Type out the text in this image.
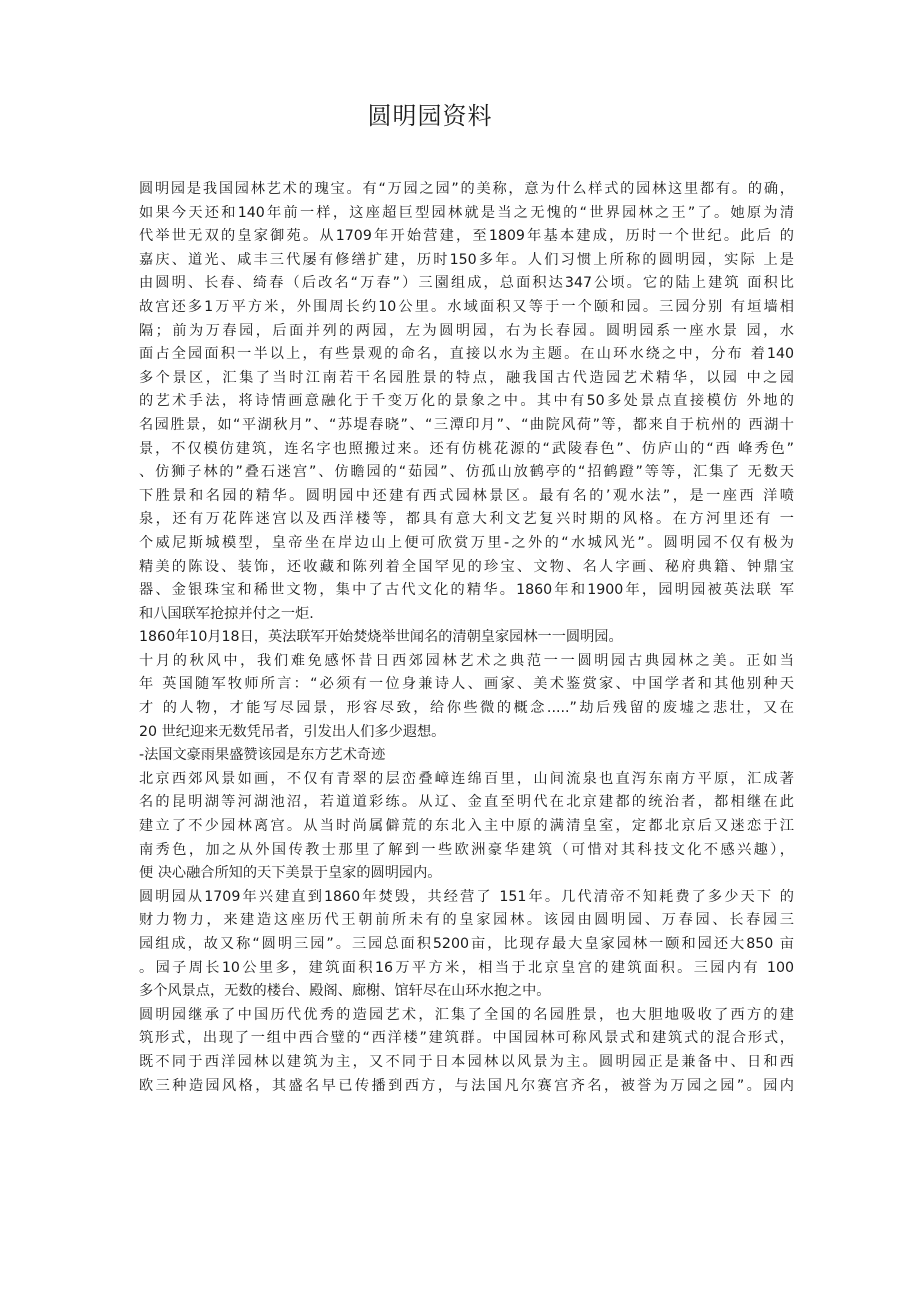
圆明园资料
圆明园是我国园林艺术的瑰宝。有“万园之园”的美称，意为什么样式的园林这里都有。的确，
如果今天还和140年前一样，这座超巨型园林就是当之无愧的“世界园林之王”了。她原为清
代举世无双的皇家御苑。从1709年开始营建，至1809年基本建成，历时一个世纪。此后 的
嘉庆、道光、咸丰三代屡有修缮扩建，历时150多年。人们习惯上所称的圆明园，实际 上是
由圆明、长春、绮春（后改名“万春”）三園组成，总面积达347公顷。它的陆上建筑 面积比
故宫还多1万平方米，外围周长约10公里。水域面积又等于一个颐和园。三园分别 有垣墙相
隔；前为万春园，后面并列的两园，左为圆明园，右为长春园。圆明园系一座水景 园，水
面占全园面积一半以上，有些景观的命名，直接以水为主题。在山环水绕之中，分布 着140
多个景区，汇集了当时江南若干名园胜景的特点，融我国古代造园艺术精华，以园 中之园
的艺术手法，将诗情画意融化于千变万化的景象之中。其中有50多处景点直接模仿 外地的
名园胜景，如“平湖秋月”、“苏堤春晓”、“三潭印月”、“曲院风荷”等，都来自于杭州的 西湖十
景，不仅模仿建筑，连名字也照搬过来。还有仿桃花源的“武陵春色”、仿庐山的“西 峰秀色”
、仿狮子林的”叠石迷宫”、仿瞻园的“茹园”、仿孤山放鹤亭的“招鹤蹬”等等，汇集了 无数天
下胜景和名园的精华。圆明园中还建有西式园林景区。最有名的’观水法”，是一座西 洋喷
泉，还有万花阵迷宫以及西洋楼等，都具有意大利文艺复兴时期的风格。在方河里还有 一
个威尼斯城模型，皇帝坐在岸边山上便可欣赏万里-之外的“水城风光”。圆明园不仅有极为
精美的陈设、装饰，还收藏和陈列着全国罕见的珍宝、文物、名人字画、秘府典籍、钟鼎宝
器、金银珠宝和稀世文物，集中了古代文化的精华。1860年和1900年，园明园被英法联 军
和八国联军抢掠并付之一炬.
1860年10月18日，英法联军开始焚烧举世闻名的清朝皇家园林一一圆明园。
十月的秋风中，我们难免感怀昔日西郊园林艺术之典范一一圆明园古典园林之美。正如当
年 英国随军牧师所言：“必须有一位身兼诗人、画家、美术鉴赏家、中国学者和其他别种天
才 的人物，才能写尽园景，形容尽致，给你些微的概念.....”劫后残留的废墟之悲壮，又在
20 世纪迎来无数凭吊者，引发出人们多少遐想。
-法国文豪雨果盛赞该园是东方艺术奇迹
北京西郊风景如画，不仅有青翠的层峦叠嶂连绵百里，山间流泉也直泻东南方平原，汇成著
名的昆明湖等河湖池沼，若道道彩练。从辽、金直至明代在北京建都的统治者，都相继在此
建立了不少园林离宫。从当时尚属僻荒的东北入主中原的满清皇室，定都北京后又迷恋于江
南秀色，加之从外国传教士那里了解到一些欧洲豪华建筑（可惜对其科技文化不感兴趣），
便 决心融合所知的天下美景于皇家的圆明园内。
圆明园从1709年兴建直到1860年焚毁，共经营了 151年。几代清帝不知耗费了多少天下 的
财力物力，来建造这座历代王朝前所未有的皇家园林。该园由圆明园、万春园、长春园三
园组成，故又称“圆明三园”。三园总面积5200亩，比现存最大皇家园林一颐和园还大850 亩
。园子周长10公里多，建筑面积16万平方米，相当于北京皇宫的建筑面积。三园内有 100
多个风景点，无数的楼台、殿阁、廊榭、馆轩尽在山环水抱之中。
圆明园继承了中国历代优秀的造园艺术，汇集了全国的名园胜景，也大胆地吸收了西方的建
筑形式，出现了一组中西合璧的“西洋楼”建筑群。中国园林可称风景式和建筑式的混合形式，
既不同于西洋园林以建筑为主，又不同于日本园林以风景为主。圆明园正是兼备中、日和西
欧三种造园风格，其盛名早已传播到西方，与法国凡尔赛宫齐名，被誉为万园之园”。园内
